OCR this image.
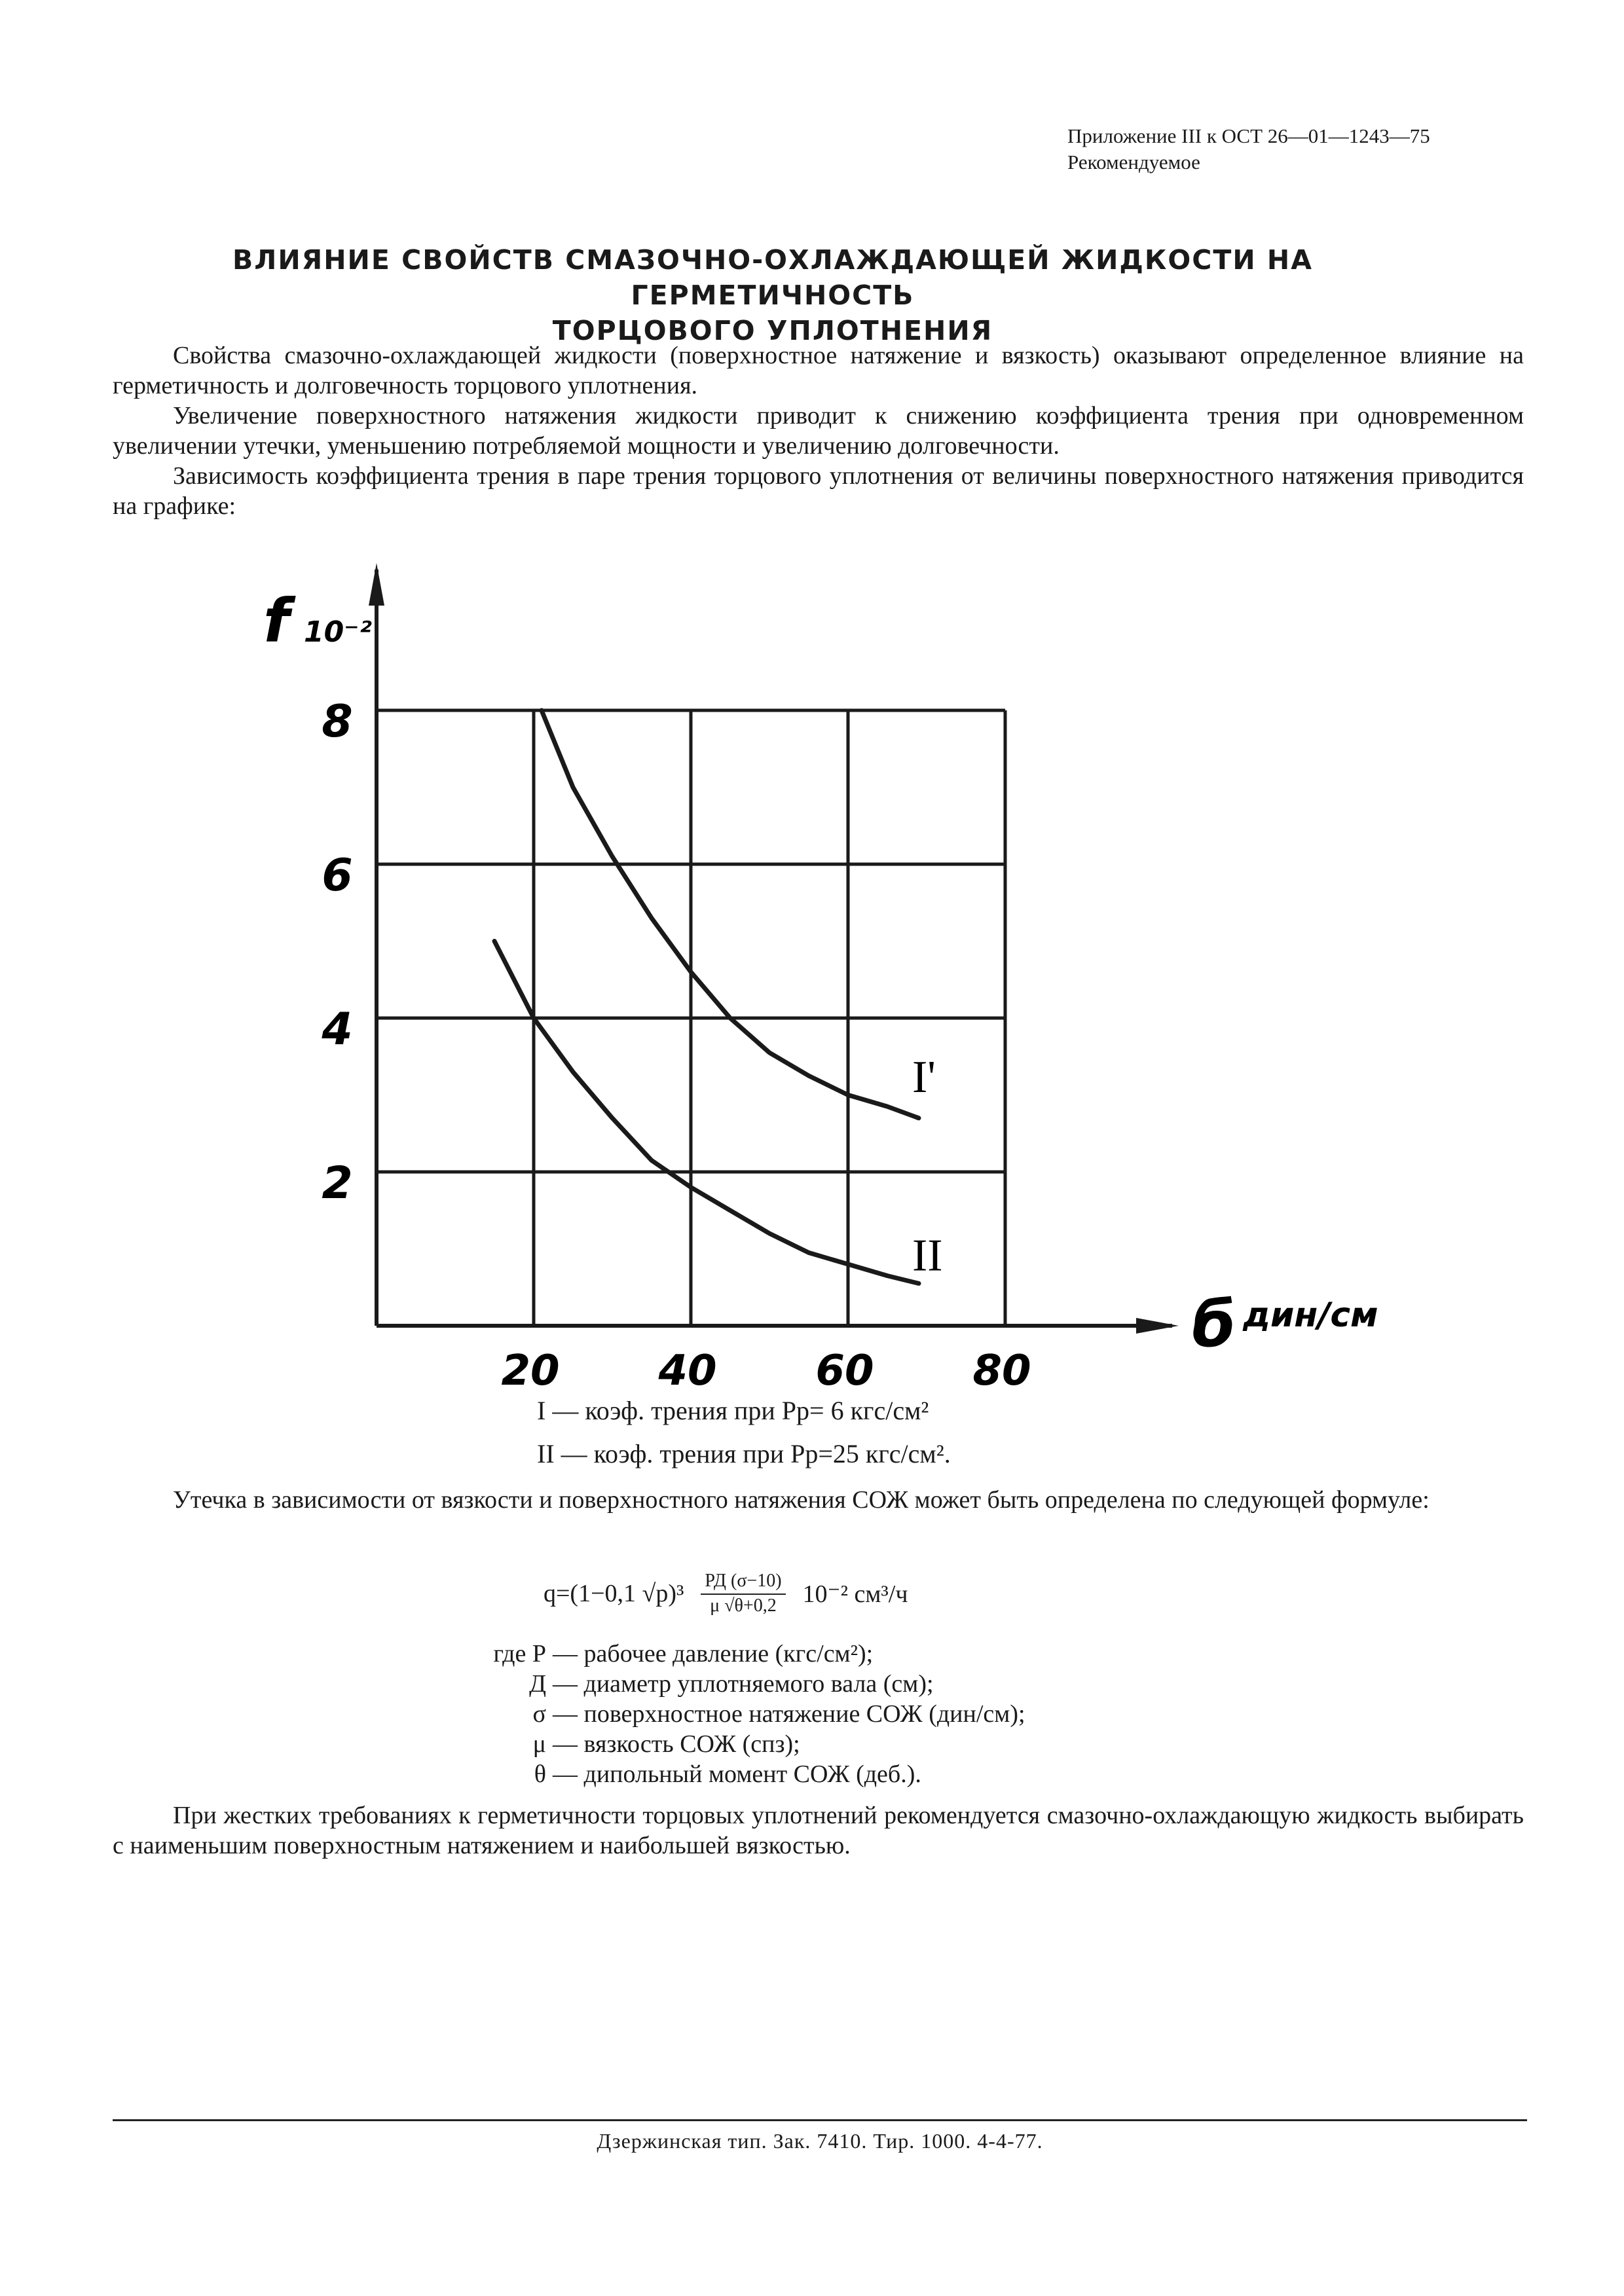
Приложение III к ОСТ 26—01—1243—75
Рекомендуемое
ВЛИЯНИЕ СВОЙСТВ СМАЗОЧНО-ОХЛАЖДАЮЩЕЙ ЖИДКОСТИ НА ГЕРМЕТИЧНОСТЬ
ТОРЦОВОГО УПЛОТНЕНИЯ

Свойства смазочно-охлаждающей жидкости (поверхностное натяжение и вязкость) оказывают определенное влияние на герметичность и долговечность торцового уплотнения.

Увеличение поверхностного натяжения жидкости приводит к снижению коэффициента трения при одновременном увеличении утечки, уменьшению потребляемой мощности и увеличению долговечности.

Зависимость коэффициента трения в паре трения торцового уплотнения от величины поверхностного натяжения приводится на графике:

20 40 60 80
2
4
6
8
f 10⁻²
б дин/см
I'
II
I — коэф. трения при Pр= 6 кгс/см²
II — коэф. трения при Pр=25 кгс/см².

Утечка в зависимости от вязкости и поверхностного натяжения СОЖ может быть определена по следующей формуле:

q=(1−0,1 $√p)^3 \frac{РД (\sigma-10)}{\mu √\theta+0,2} 10^{-2}$ см³/ч
где Р — рабочее давление (кгс/см²);
Д — диаметр уплотняемого вала (см);
σ — поверхностное натяжение СОЖ (дин/см);
μ — вязкость СОЖ (спз);
θ — дипольный момент СОЖ (деб.).

При жестких требованиях к герметичности торцовых уплотнений рекомендуется смазочно-охлаждающую жидкость выбирать с наименьшим поверхностным натяжением и наибольшей вязкостью.

Дзержинская тип. Зак. 7410. Тир. 1000. 4-4-77.
